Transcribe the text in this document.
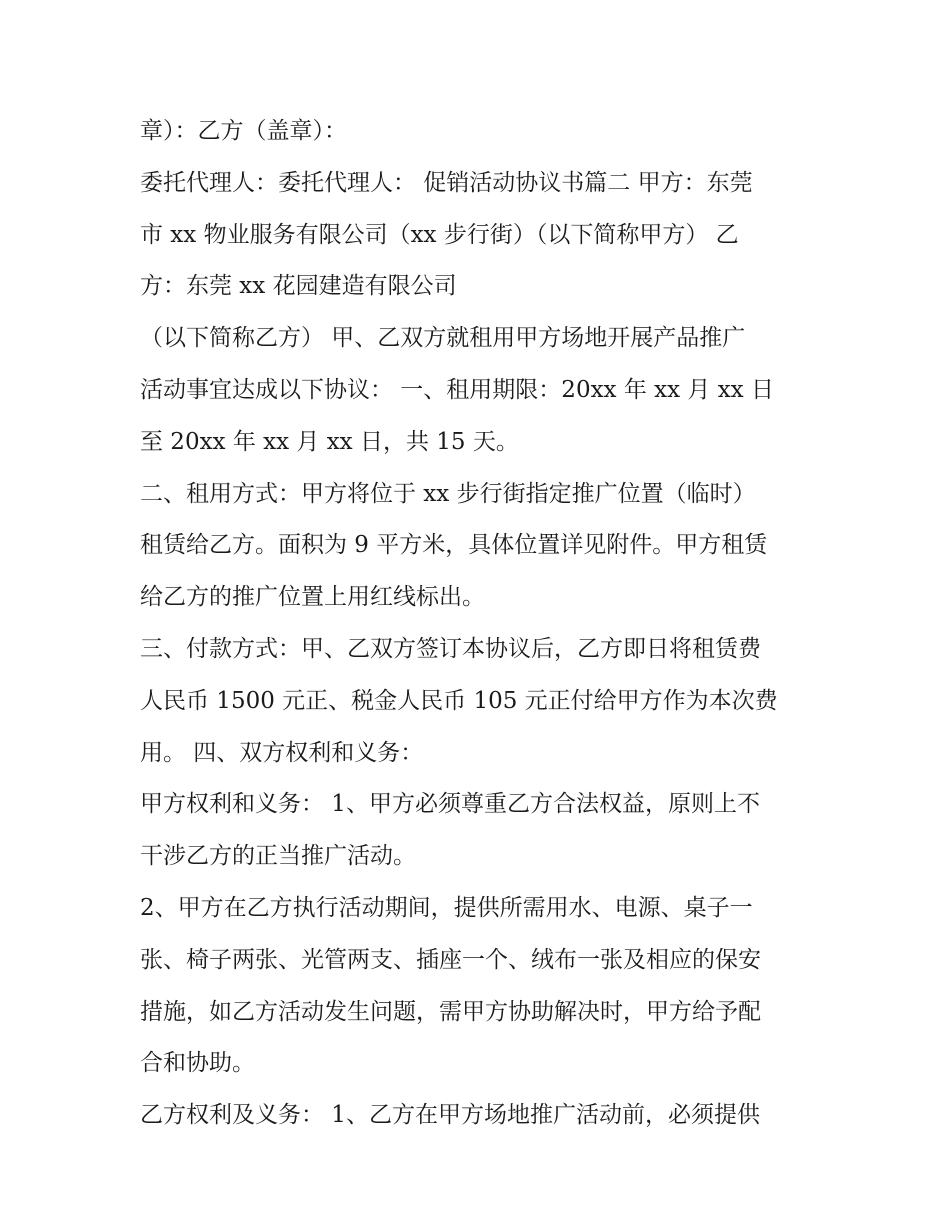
章）：乙方（盖章）：
委托代理人：委托代理人： 促销活动协议书篇二 甲方：东莞
市 xx 物业服务有限公司（xx 步行街）（以下简称甲方） 乙
方：东莞 xx 花园建造有限公司
（以下简称乙方） 甲、乙双方就租用甲方场地开展产品推广
活动事宜达成以下协议： 一、租用期限：20xx 年 xx 月 xx 日
至 20xx 年 xx 月 xx 日，共 15 天。
二、租用方式：甲方将位于 xx 步行街指定推广位置（临时）
租赁给乙方。面积为 9 平方米，具体位置详见附件。甲方租赁
给乙方的推广位置上用红线标出。
三、付款方式：甲、乙双方签订本协议后，乙方即日将租赁费
人民币 1500 元正、税金人民币 105 元正付给甲方作为本次费
用。 四、双方权利和义务：
甲方权利和义务： 1、甲方必须尊重乙方合法权益，原则上不
干涉乙方的正当推广活动。
2、甲方在乙方执行活动期间，提供所需用水、电源、桌子一
张、椅子两张、光管两支、插座一个、绒布一张及相应的保安
措施，如乙方活动发生问题，需甲方协助解决时，甲方给予配
合和协助。
乙方权利及义务： 1、乙方在甲方场地推广活动前，必须提供
